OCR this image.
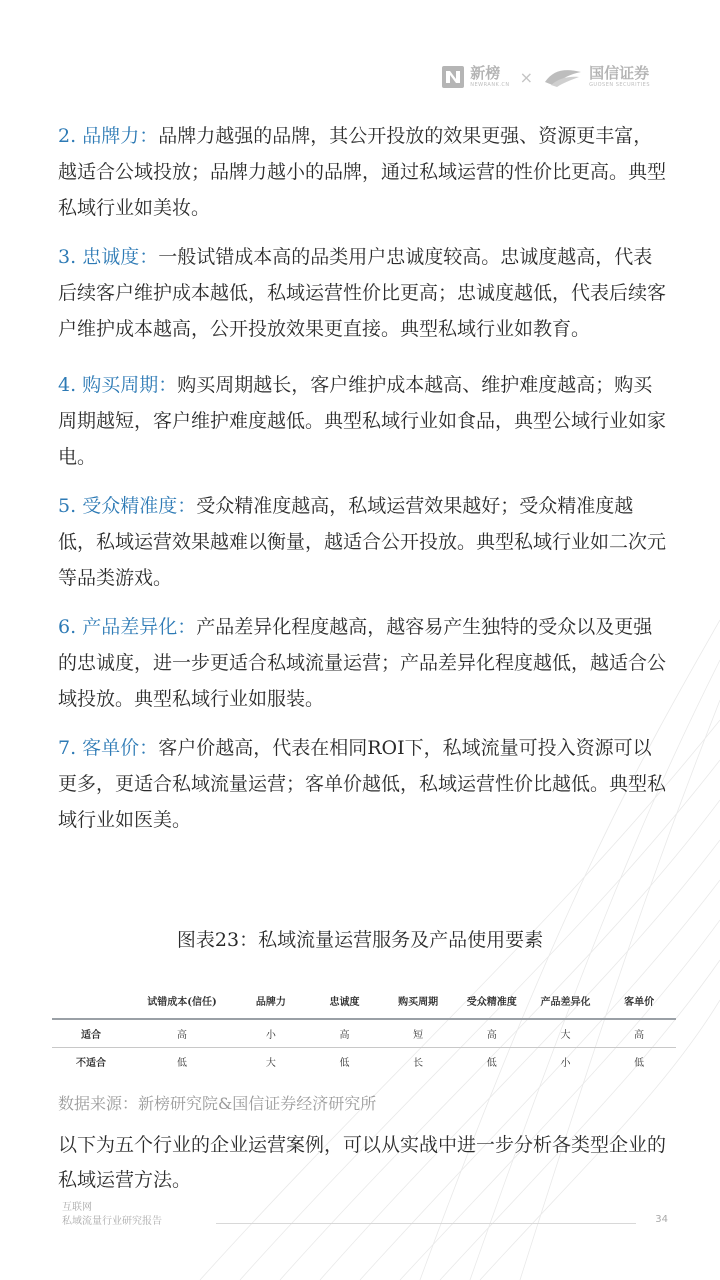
新榜
NEWRANK.CN ×	国信证券
GUOSEN SECURITIES

2. 品牌力：品牌力越强的品牌，其公开投放的效果更强、资源更丰富，越适合公域投放；品牌力越小的品牌，通过私域运营的性价比更高。典型私域行业如美妆。

3. 忠诚度：一般试错成本高的品类用户忠诚度较高。忠诚度越高，代表后续客户维护成本越低，私域运营性价比更高；忠诚度越低，代表后续客户维护成本越高，公开投放效果更直接。典型私域行业如教育。

4. 购买周期：购买周期越长，客户维护成本越高、维护难度越高；购买周期越短，客户维护难度越低。典型私域行业如食品，典型公域行业如家电。

5. 受众精准度：受众精准度越高，私域运营效果越好；受众精准度越低，私域运营效果越难以衡量，越适合公开投放。典型私域行业如二次元等品类游戏。

6. 产品差异化：产品差异化程度越高，越容易产生独特的受众以及更强的忠诚度，进一步更适合私域流量运营；产品差异化程度越低，越适合公域投放。典型私域行业如服装。

7. 客单价：客户价越高，代表在相同ROI下，私域流量可投入资源可以更多，更适合私域流量运营；客单价越低，私域运营性价比越低。典型私域行业如医美。

图表23：私域流量运营服务及产品使用要素
	试错成本(信任)	品牌力	忠诚度	购买周期	受众精准度	产品差异化	客单价
适合	高	小	高	短	高	大	高
不适合	低	大	低	长	低	小	低
数据来源：新榜研究院&国信证券经济研究所

以下为五个行业的企业运营案例，可以从实战中进一步分析各类型企业的私域运营方法。

互联网
私域流量行业研究报告	34
